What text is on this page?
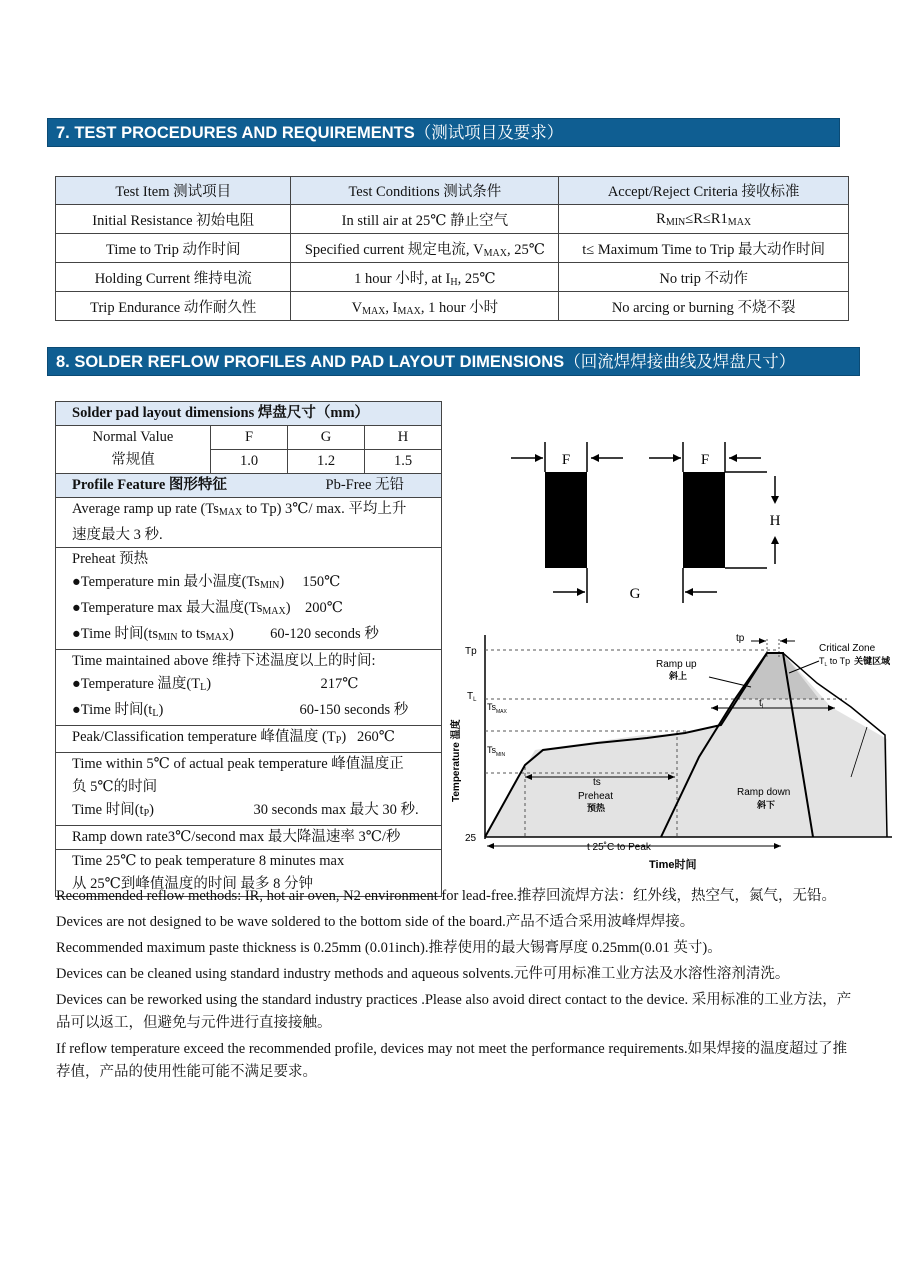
7. TEST PROCEDURES AND REQUIREMENTS（测试项目及要求）
Test Item 测试项目	Test Conditions 测试条件	Accept/Reject Criteria 接收标准
Initial Resistance 初始电阻	In still air at 25℃ 静止空气	$R_{MIN}\le R\le R1_{MAX}$
Time to Trip 动作时间	Specified current 规定电流, $V_{MAX}$, 25℃	t≤ Maximum Time to Trip 最大动作时间
Holding Current 维持电流	1 hour 小时, at $I_H$, 25℃	No trip 不动作
Trip Endurance 动作耐久性	$V_{MAX}$, $I_{MAX}$, 1 hour 小时	No arcing or burning 不烧不裂
8. SOLDER REFLOW PROFILES AND PAD LAYOUT DIMENSIONS（回流焊焊接曲线及焊盘尺寸）
Solder pad layout dimensions 焊盘尺寸（mm）			
Normal Value
常规值	F	G	H
	1.0	1.2	1.5
Profile Feature 图形特征 Pb-Free 无铅			

Average ramp up rate ($Ts_{MAX}$ to Tp) 3℃/ max. 平均上升
速度最大 3 秒.			
Preheat 预热
●Temperature min 最小温度$(Ts_{MIN})$ 150℃
●Temperature max 最大温度$(Ts_{MAX})$ 200℃
●Time 时间($ts_{MIN}$ to $ts_{MAX}$) 60-120 seconds 秒			
Time maintained above 维持下述温度以上的时间:
●Temperature 温度$(T_L)$ 217℃

●Time 时间$(t_L)$ 60-150 seconds 秒			

Peak/Classification temperature 峰值温度 $(T_P)$ 260℃			
Time within 5℃ of actual peak temperature 峰值温度正
负 5℃的时间
Time 时间$(t_P)$ 30 seconds max 最大 30 秒.			

Ramp down rate3℃/second max 最大降温速率 3℃/秒			
Time 25℃ to peak temperature 8 minutes max
从 25℃到峰值温度的时间 最多 8 分钟			
F	F
H
G
Tp
$T_L$
$Ts_{MAX}$
$Ts_{MIN}$
25
Temperature 温度
Time时间
tp
$t_L$
ts
Preheat
预热
Ramp up
斜上
Ramp down
斜下
Critical Zone
$T_L$ to Tp 关键区域
t 25˚C to Peak

Recommended reflow methods: IR, hot air oven, N2 environment for lead-free.推荐回流焊方法：红外线，热空气，氮气，无铅。

Devices are not designed to be wave soldered to the bottom side of the board.产品不适合采用波峰焊焊接。

Recommended maximum paste thickness is 0.25mm (0.01inch).推荐使用的最大锡膏厚度 0.25mm(0.01 英寸)。

Devices can be cleaned using standard industry methods and aqueous solvents.元件可用标准工业方法及水溶性溶剂清洗。

Devices can be reworked using the standard industry practices .Please also avoid direct contact to the device. 采用标准的工业方法，产品可以返工，但避免与元件进行直接接触。

If reflow temperature exceed the recommended profile, devices may not meet the performance requirements.如果焊接的温度超过了推荐值，产品的使用性能可能不满足要求。
